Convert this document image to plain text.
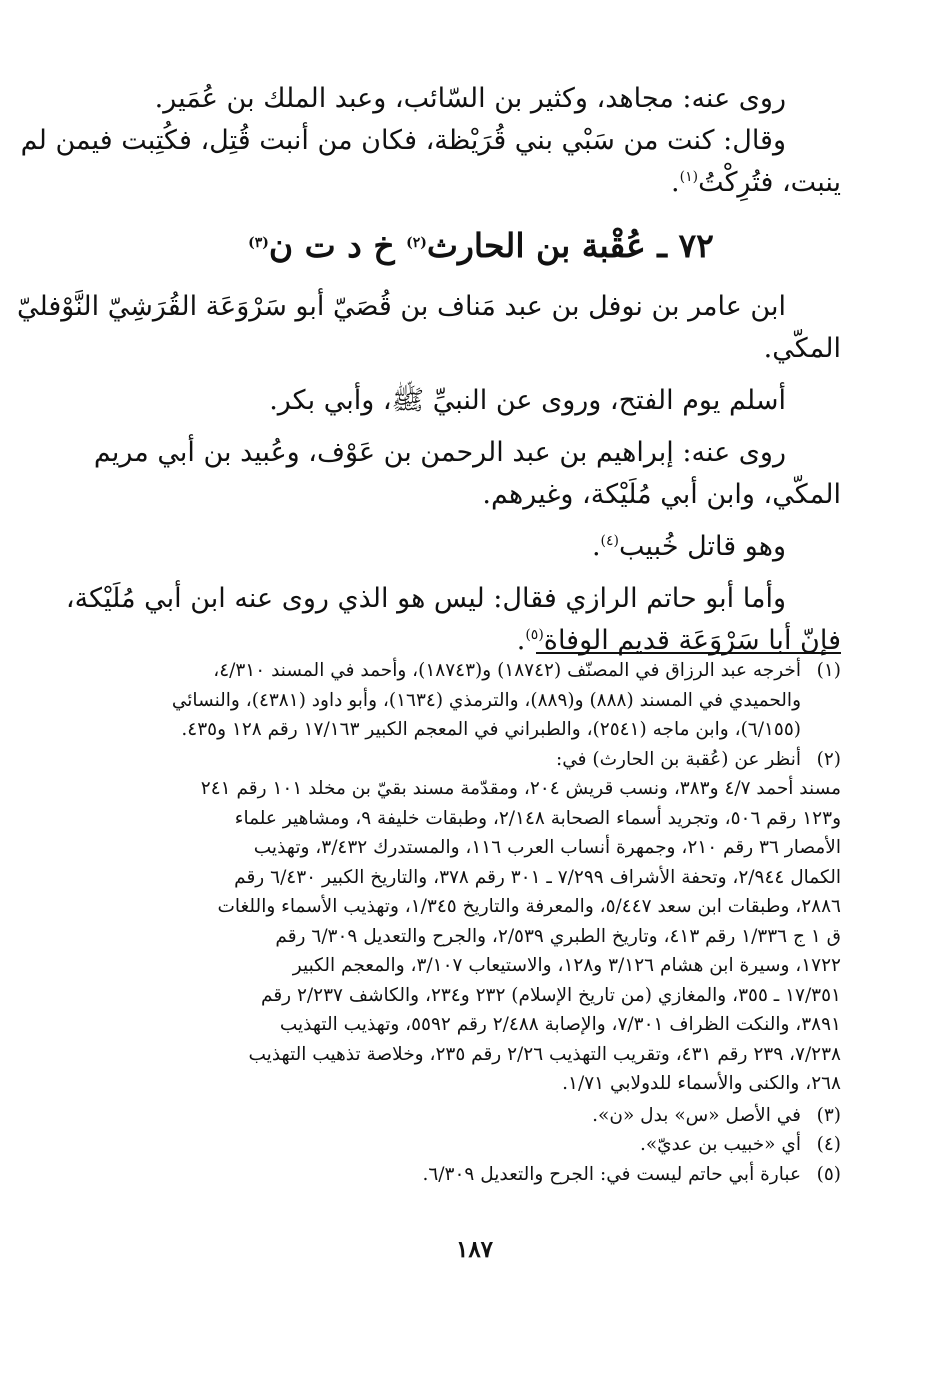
روى عنه: مجاهد، وكثير بن السّائب، وعبد الملك بن عُمَير.

وقال: كنت من سَبْي بني قُرَيْظة، فكان من أنبت قُتِل، فكُتِبت فيمن لم

ينبت، فتُرِكْتُ$^{(١)}$.

٧٢ ـ عُقْبة بن الحارث$^{(٢)}$ خ د ت ن$^{(٣)}$

ابن عامر بن نوفل بن عبد مَناف بن قُصَيّ أبو سَرْوَعَة القُرَشِيّ النَّوْفليّ

المكّي.

أسلم يوم الفتح، وروى عن النبيِّ ﷺ، وأبي بكر.

روى عنه: إبراهيم بن عبد الرحمن بن عَوْف، وعُبيد بن أبي مريم

المكّي، وابن أبي مُلَيْكة، وغيرهم.

وهو قاتل خُبيب$^{(٤)}$.

وأما أبو حاتم الرازي فقال: ليس هو الذي روى عنه ابن أبي مُلَيْكة،

فإنّ أبا سَرْوَعَة قديم الوفاة$^{(٥)}$.

(١)

أخرجه عبد الرزاق في المصنّف (١٨٧٤٢) و(١٨٧٤٣)، وأحمد في المسند ٤/٣١٠،

والحميدي في المسند (٨٨٨) و(٨٨٩)، والترمذي (١٦٣٤)، وأبو داود (٤٣٨١)، والنسائي

(٦/١٥٥)، وابن ماجه (٢٥٤١)، والطبراني في المعجم الكبير ١٧/١٦٣ رقم ١٢٨ و٤٣٥.

(٢)

أنظر عن (عُقبة بن الحارث) في:

مسند أحمد ٤/٧ و٣٨٣، ونسب قريش ٢٠٤، ومقدّمة مسند بقيّ بن مخلد ١٠١ رقم ٢٤١

و١٢٣ رقم ٥٠٦، وتجريد أسماء الصحابة ٢/١٤٨، وطبقات خليفة ٩، ومشاهير علماء

الأمصار ٣٦ رقم ٢١٠، وجمهرة أنساب العرب ١١٦، والمستدرك ٣/٤٣٢، وتهذيب

الكمال ٢/٩٤٤، وتحفة الأشراف ٧/٢٩٩ ـ ٣٠١ رقم ٣٧٨، والتاريخ الكبير ٦/٤٣٠ رقم

٢٨٨٦، وطبقات ابن سعد ٥/٤٤٧، والمعرفة والتاريخ ١/٣٤٥، وتهذيب الأسماء واللغات

ق ١ ج ١/٣٣٦ رقم ٤١٣، وتاريخ الطبري ٢/٥٣٩، والجرح والتعديل ٦/٣٠٩ رقم

١٧٢٢، وسيرة ابن هشام ٣/١٢٦ و١٢٨، والاستيعاب ٣/١٠٧، والمعجم الكبير

١٧/٣٥١ ـ ٣٥٥، والمغازي (من تاريخ الإسلام) ٢٣٢ و٢٣٤، والكاشف ٢/٢٣٧ رقم

٣٨٩١، والنكت الظراف ٧/٣٠١، والإصابة ٢/٤٨٨ رقم ٥٥٩٢، وتهذيب التهذيب

٧/٢٣٨، ٢٣٩ رقم ٤٣١، وتقريب التهذيب ٢/٢٦ رقم ٢٣٥، وخلاصة تذهيب التهذيب

٢٦٨، والكنى والأسماء للدولابي ١/٧١.

(٣)

في الأصل «س» بدل «ن».

(٤)

أي «خبيب بن عديّ».

(٥)

عبارة أبي حاتم ليست في: الجرح والتعديل ٦/٣٠٩.

١٨٧
